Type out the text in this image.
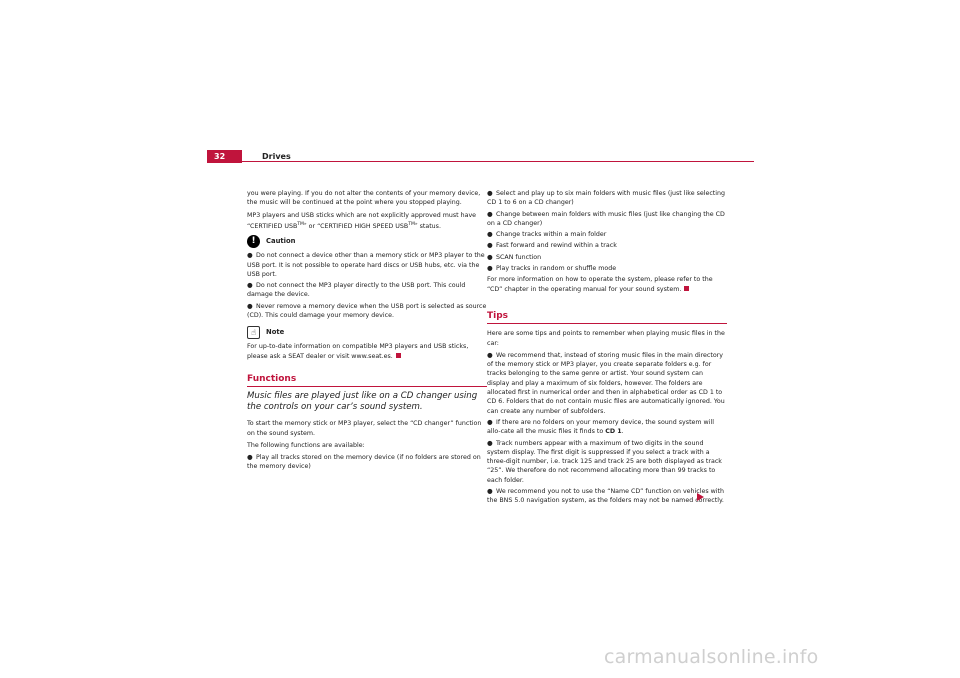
32	Drives

you were playing. If you do not alter the contents of your memory device, the music will be continued at the point where you stopped playing.

MP3 players and USB sticks which are not explicitly approved must have “CERTIFIED $USB^{TM»}$ or “CERTIFIED HIGH SPEED $USB^{TM»}$ status.

!	Caution
● Do not connect a device other than a memory stick or MP3 player to the USB port. It is not possible to operate hard discs or USB hubs, etc. via the USB port.
● Do not connect the MP3 player directly to the USB port. This could damage the device.
● Never remove a memory device when the USB port is selected as source (CD). This could damage your memory device.
☝	Note

For up-to-date information on compatible MP3 players and USB sticks, please ask a SEAT dealer or visit www.seat.es.

Functions
Music files are played just like on a CD changer using the controls on your car’s sound system.

To start the memory stick or MP3 player, select the “CD changer” function on the sound system.

The following functions are available:

● Play all tracks stored on the memory device (if no folders are stored on the memory device)
● Select and play up to six main folders with music files (just like selecting CD 1 to 6 on a CD changer)
● Change between main folders with music files (just like changing the CD on a CD changer)
● Change tracks within a main folder
● Fast forward and rewind within a track
● SCAN function
● Play tracks in random or shuffle mode

For more information on how to operate the system, please refer to the “CD” chapter in the operating manual for your sound system.

Tips

Here are some tips and points to remember when playing music files in the car:

● We recommend that, instead of storing music files in the main directory of the memory stick or MP3 player, you create separate folders e.g. for tracks belonging to the same genre or artist. Your sound system can display and play a maximum of six folders, however. The folders are allocated first in numerical order and then in alphabetical order as CD 1 to CD 6. Folders that do not contain music files are automatically ignored. You can create any number of subfolders.
● If there are no folders on your memory device, the sound system will allo-cate all the music files it finds to CD 1.
● Track numbers appear with a maximum of two digits in the sound system display. The first digit is suppressed if you select a track with a three-digit number, i.e. track 125 and track 25 are both displayed as track “25”. We therefore do not recommend allocating more than 99 tracks to each folder.
● We recommend you not to use the “Name CD” function on vehicles with the BNS 5.0 navigation system, as the folders may not be named correctly.
carmanualsonline.info
